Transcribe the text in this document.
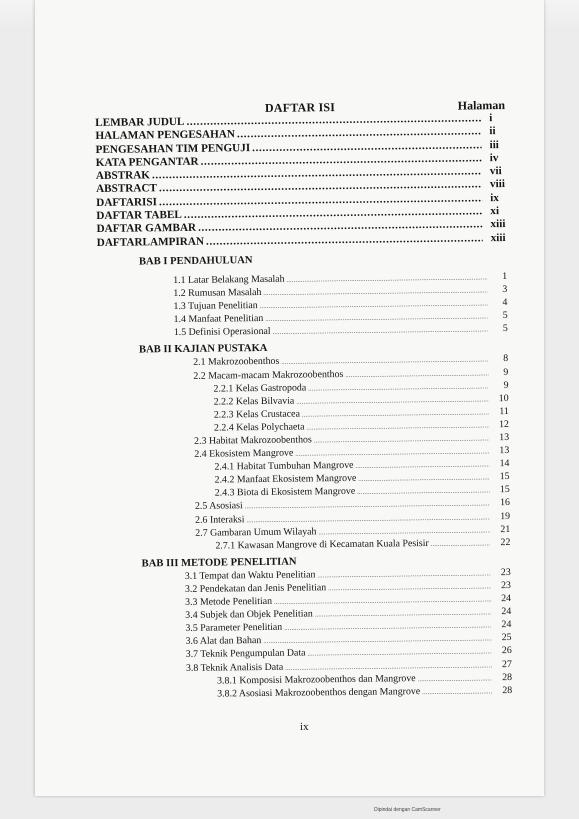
DAFTAR ISI	Halaman
LEMBAR JUDUL .....	i
HALAMAN PENGESAHAN .....	ii
PENGESAHAN TIM PENGUJI .....	iii
KATA PENGANTAR .....	iv
ABSTRAK .....	vii
ABSTRACT .....	viii
DAFTARISI .....	ix
DAFTAR TABEL .....	xi
DAFTAR GAMBAR .....	xiii
DAFTARLAMPIRAN .....	xiii
BAB I PENDAHULUAN
1.1 Latar Belakang Masalah .....	1
1.2 Rumusan Masalah .....	3
1.3 Tujuan Penelitian .....	4
1.4 Manfaat Penelitian .....	5
1.5 Definisi Operasional .....	5
BAB II KAJIAN PUSTAKA
2.1 Makrozoobenthos .....	8
2.2 Macam-macam Makrozoobenthos .....	9
2.2.1 Kelas Gastropoda .....	9
2.2.2 Kelas Bilvavia .....	10
2.2.3 Kelas Crustacea .....	11
2.2.4 Kelas Polychaeta .....	12
2.3 Habitat Makrozoobenthos .....	13
2.4 Ekosistem Mangrove .....	13
2.4.1 Habitat Tumbuhan Mangrove .....	14
2.4.2 Manfaat Ekosistem Mangrove .....	15
2.4.3 Biota di Ekosistem Mangrove .....	15
2.5 Asosiasi .....	16
2.6 Interaksi .....	19
2.7 Gambaran Umum Wilayah .....	21
2.7.1 Kawasan Mangrove di Kecamatan Kuala Pesisir .....	22
BAB III METODE PENELITIAN
3.1 Tempat dan Waktu Penelitian .....	23
3.2 Pendekatan dan Jenis Penelitian .....	23
3.3 Metode Penelitian .....	24
3.4 Subjek dan Objek Penelitian .....	24
3.5 Parameter Penelitian .....	24
3.6 Alat dan Bahan .....	25
3.7 Teknik Pengumpulan Data .....	26
3.8 Teknik Analisis Data .....	27
3.8.1 Komposisi Makrozoobenthos dan Mangrove .....	28
3.8.2 Asosiasi Makrozoobenthos dengan Mangrove .....	28
ix
Dipindai dengan CamScanner
